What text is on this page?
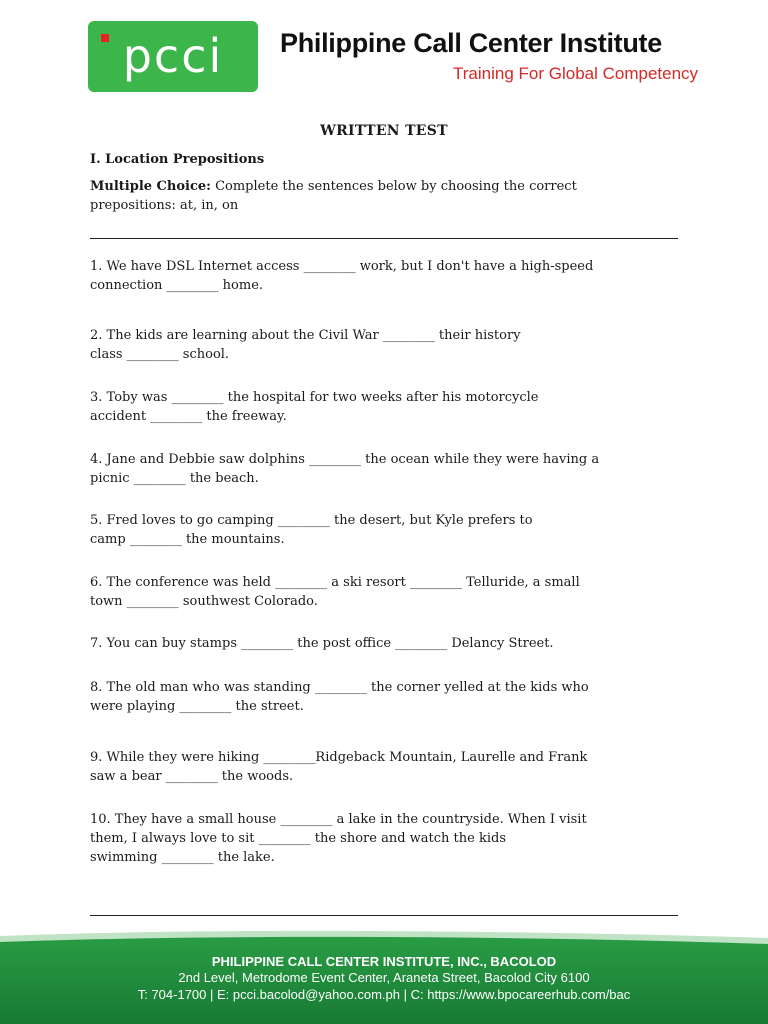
pcci	Philippine Call Center Institute
Training For Global Competency
WRITTEN TEST
I. Location Prepositions
Multiple Choice: Complete the sentences below by choosing the correct prepositions: at, in, on
1. We have DSL Internet access ________ work, but I don't have a high-speed
connection ________ home.
2. The kids are learning about the Civil War ________ their history
class ________ school.
3. Toby was ________ the hospital for two weeks after his motorcycle
accident ________ the freeway.
4. Jane and Debbie saw dolphins ________ the ocean while they were having a
picnic ________ the beach.
5. Fred loves to go camping ________ the desert, but Kyle prefers to
camp ________ the mountains.
6. The conference was held ________ a ski resort ________ Telluride, a small
town ________ southwest Colorado.
7. You can buy stamps ________ the post office ________ Delancy Street.
8. The old man who was standing ________ the corner yelled at the kids who
were playing ________ the street.
9. While they were hiking ________Ridgeback Mountain, Laurelle and Frank
saw a bear ________ the woods.
10. They have a small house ________ a lake in the countryside. When I visit
them, I always love to sit ________ the shore and watch the kids
swimming ________ the lake.
PHILIPPINE CALL CENTER INSTITUTE, INC., BACOLOD
2nd Level, Metrodome Event Center, Araneta Street, Bacolod City 6100
T: 704-1700 | E: pcci.bacolod@yahoo.com.ph | C: https://www.bpocareerhub.com/bac
